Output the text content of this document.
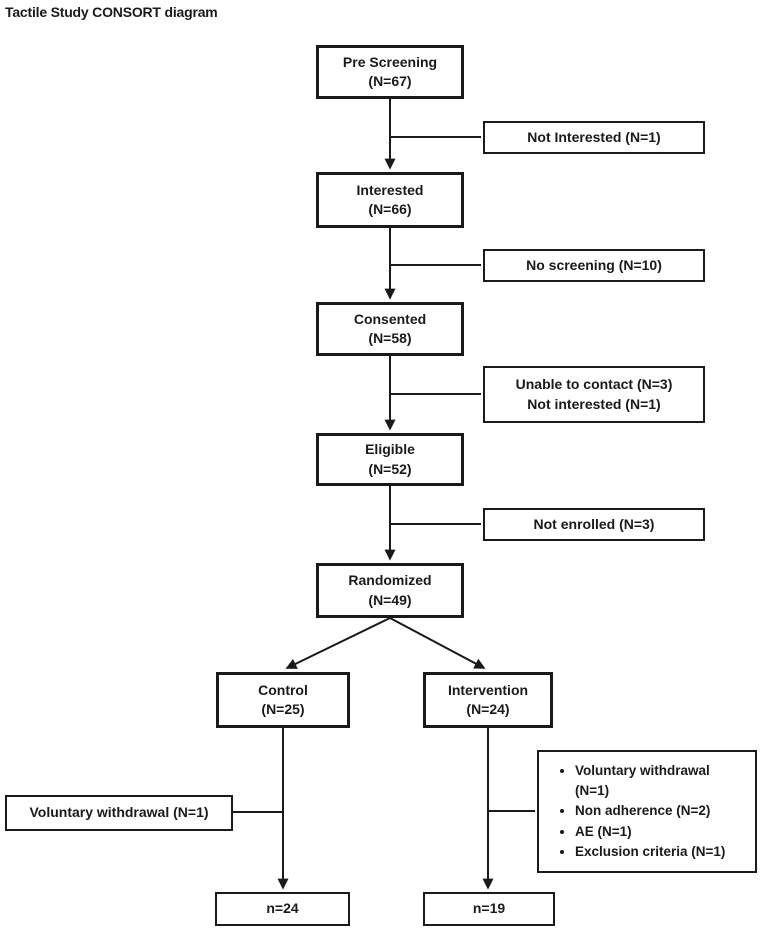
Tactile Study CONSORT diagram
Pre Screening
(N=67)
Interested
(N=66)
Consented
(N=58)
Eligible
(N=52)
Randomized
(N=49)
Not Interested (N=1)
No screening (N=10)
Unable to contact (N=3)
Not interested (N=1)
Not enrolled (N=3)
Control
(N=25)
Intervention
(N=24)
Voluntary withdrawal (N=1)
• Voluntary withdrawal (N=1)
• Non adherence (N=2)
• AE (N=1)
• Exclusion criteria (N=1)
n=24	n=19
